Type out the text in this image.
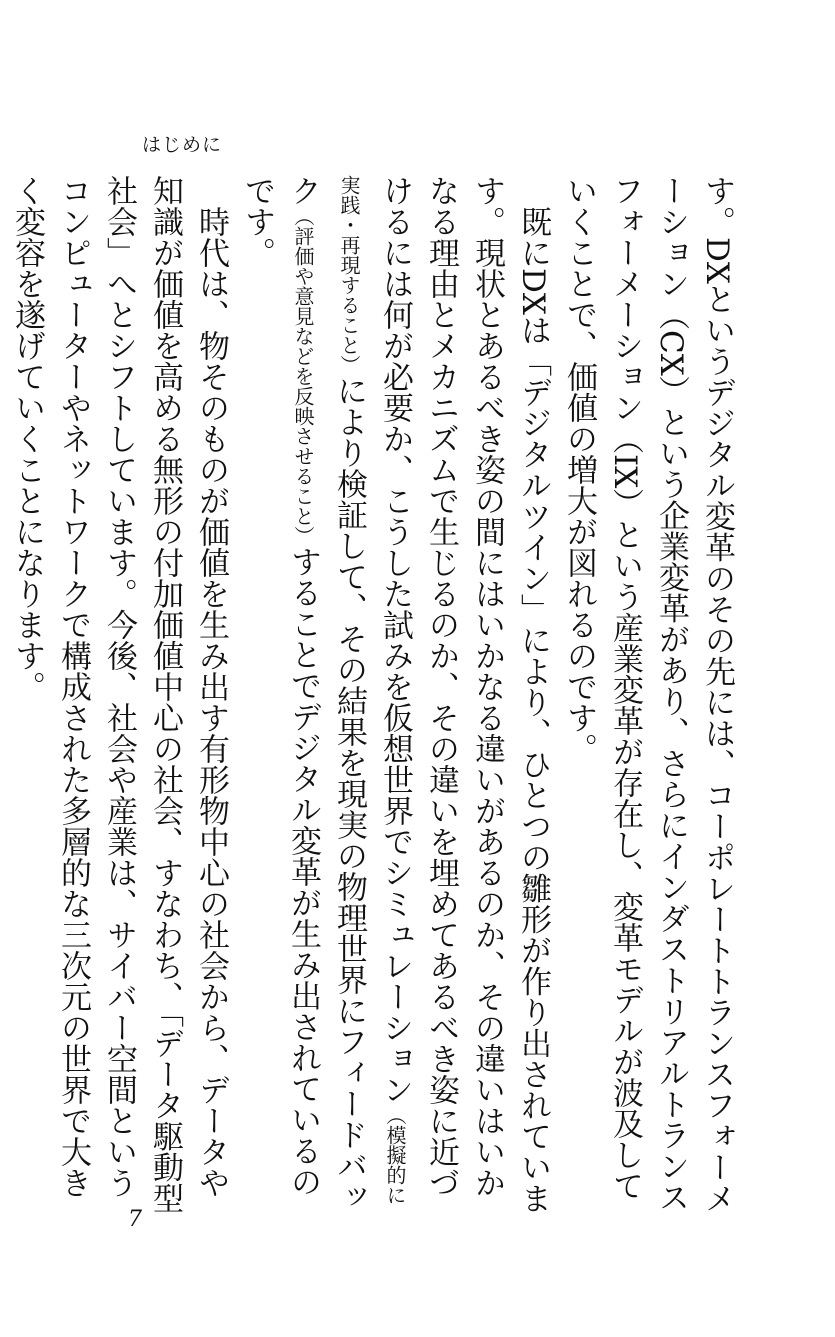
はじめに

す。DXというデジタル変革のその先には、コーポレートトランスフォーメーション（CX）という企業変革があり、さらにインダストリアルトランスフォーメーション（IX）という産業変革が存在し、変革モデルが波及していくことで、価値の増大が図れるのです。

既にDXは「デジタルツイン」により、ひとつの雛形が作り出されています。現状とあるべき姿の間にはいかなる違いがあるのか、その違いはいかなる理由とメカニズムで生じるのか、その違いを埋めてあるべき姿に近づけるには何が必要か、こうした試みを仮想世界でシミュレーション（模擬的に実践・再現すること）により検証して、その結果を現実の物理世界にフィードバック（評価や意見などを反映させること）することでデジタル変革が生み出されているのです。

時代は、物そのものが価値を生み出す有形物中心の社会から、データや知識が価値を高める無形の付加価値中心の社会、すなわち、「データ駆動型社会」へとシフトしています。今後、社会や産業は、サイバー空間というコンピューターやネットワークで構成された多層的な三次元の世界で大きく変容を遂げていくことになります。

7
